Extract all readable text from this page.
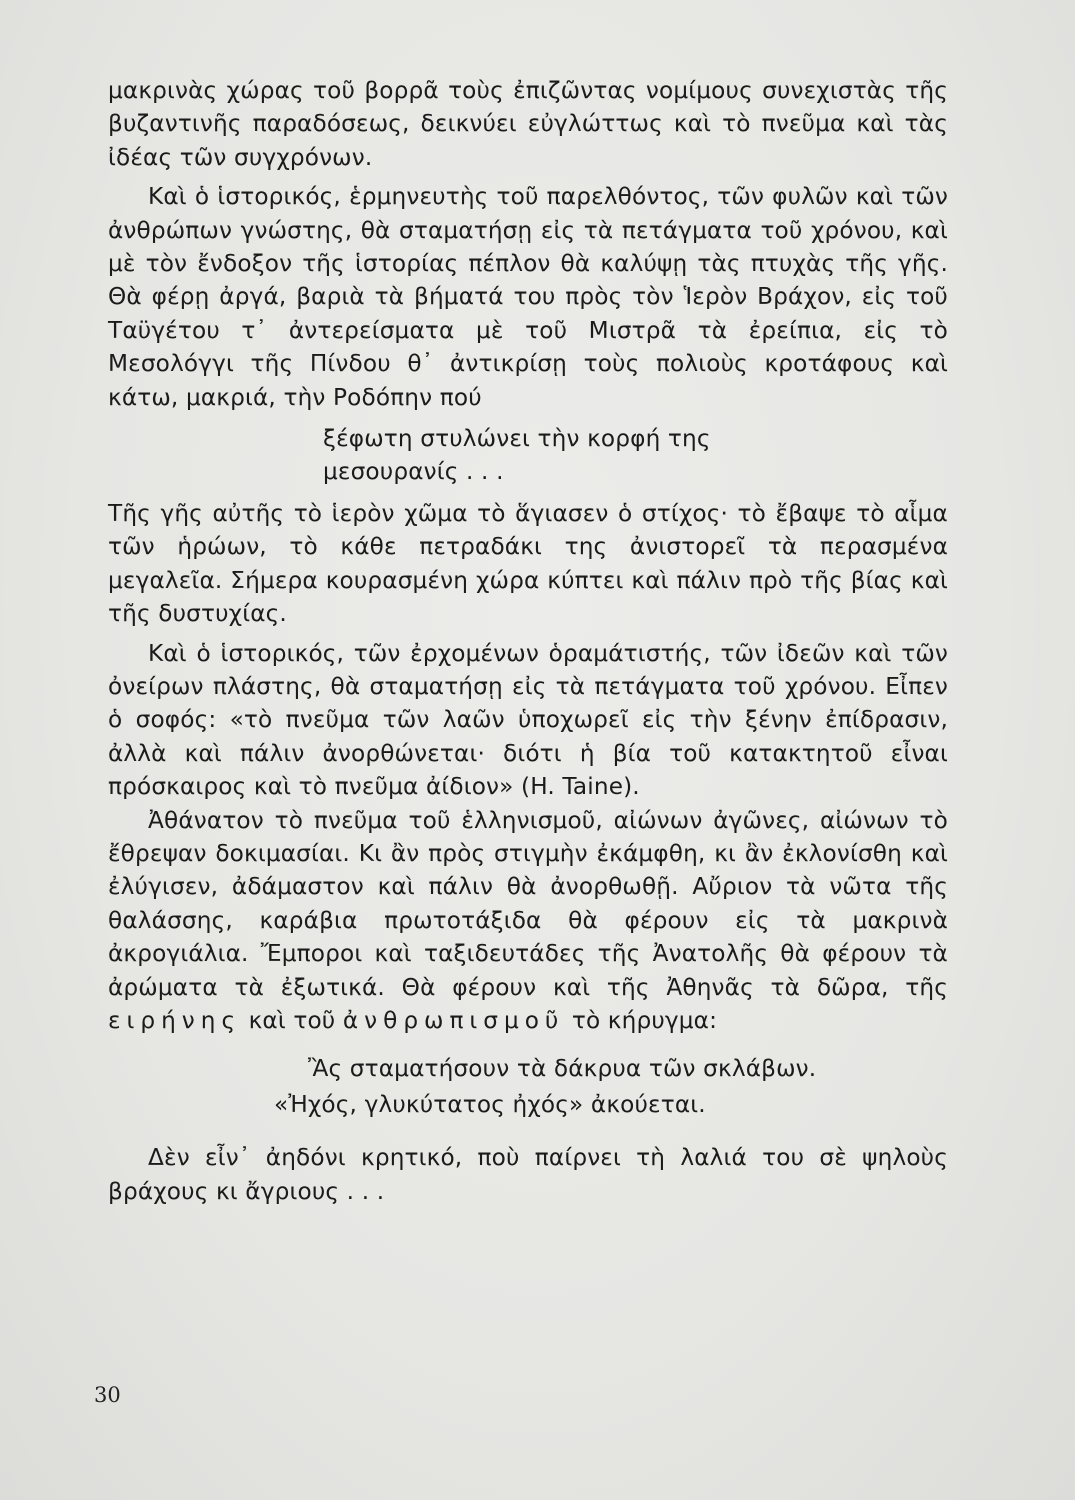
μακρινὰς χώρας τοῦ βορρᾶ τοὺς ἐπιζῶντας νομίμους συνεχιστὰς τῆς βυζαντινῆς παραδόσεως, δεικνύει εὐγλώττως καὶ τὸ πνεῦμα καὶ τὰς ἰδέας τῶν συγχρόνων.

Καὶ ὁ ἱστορικός, ἑρμηνευτὴς τοῦ παρελθόντος, τῶν φυλῶν καὶ τῶν ἀνθρώπων γνώστης, θὰ σταματήσῃ εἰς τὰ πετάγματα τοῦ χρόνου, καὶ μὲ τὸν ἔνδοξον τῆς ἱστορίας πέπλον θὰ καλύψῃ τὰς πτυχὰς τῆς γῆς. Θὰ φέρῃ ἀργά, βαριὰ τὰ βήματά του πρὸς τὸν Ἱερὸν Βράχον, εἰς τοῦ Ταϋγέτου τ᾽ ἀντερείσματα μὲ τοῦ Μιστρᾶ τὰ ἐρείπια, εἰς τὸ Μεσολόγγι τῆς Πίνδου θ᾽ ἀντικρίσῃ τοὺς πολιοὺς κροτάφους καὶ κάτω, μακριά, τὴν Ροδόπην πού

ξέφωτη στυλώνει τὴν κορφή της

μεσουρανίς . . .

Τῆς γῆς αὐτῆς τὸ ἱερὸν χῶμα τὸ ἅγιασεν ὁ στίχος· τὸ ἔβαψε τὸ αἷμα τῶν ἡρώων, τὸ κάθε πετραδάκι της ἀνιστορεῖ τὰ περασμένα μεγαλεῖα. Σήμερα κουρασμένη χώρα κύπτει καὶ πάλιν πρὸ τῆς βίας καὶ τῆς δυστυχίας.

Καὶ ὁ ἱστορικός, τῶν ἐρχομένων ὁραμάτιστής, τῶν ἰδεῶν καὶ τῶν ὀνείρων πλάστης, θὰ σταματήσῃ εἰς τὰ πετάγματα τοῦ χρόνου. Εἶπεν ὁ σοφός: «τὸ πνεῦμα τῶν λαῶν ὑποχωρεῖ εἰς τὴν ξένην ἐπίδρασιν, ἀλλὰ καὶ πάλιν ἀνορθώνεται· διότι ἡ βία τοῦ κατακτητοῦ εἶναι πρόσκαιρος καὶ τὸ πνεῦμα ἀίδιον» (H. Taine).

Ἀθάνατον τὸ πνεῦμα τοῦ ἑλληνισμοῦ, αἰώνων ἀγῶνες, αἰώνων τὸ ἔθρεψαν δοκιμασίαι. Κι ἂν πρὸς στιγμὴν ἐκάμφθη, κι ἂν ἐκλονίσθη καὶ ἐλύγισεν, ἀδάμαστον καὶ πάλιν θὰ ἀνορθωθῇ. Αὔριον τὰ νῶτα τῆς θαλάσσης, καράβια πρωτοτάξιδα θὰ φέρουν εἰς τὰ μακρινὰ ἀκρογιάλια. Ἔμποροι καὶ ταξιδευτάδες τῆς Ἀνατολῆς θὰ φέρουν τὰ ἀρώματα τὰ ἐξωτικά. Θὰ φέρουν καὶ τῆς Ἀθηνᾶς τὰ δῶρα, τῆς ειρήνης καὶ τοῦ ἀνθρωπισμοῦ τὸ κήρυγμα:

Ἂς σταματήσουν τὰ δάκρυα τῶν σκλάβων.

«Ἠχός, γλυκύτατος ἠχός» ἀκούεται.

Δὲν εἶν᾽ ἀηδόνι κρητικό, ποὺ παίρνει τὴ λαλιά του σὲ ψηλοὺς βράχους κι ἄγριους . . .

30
